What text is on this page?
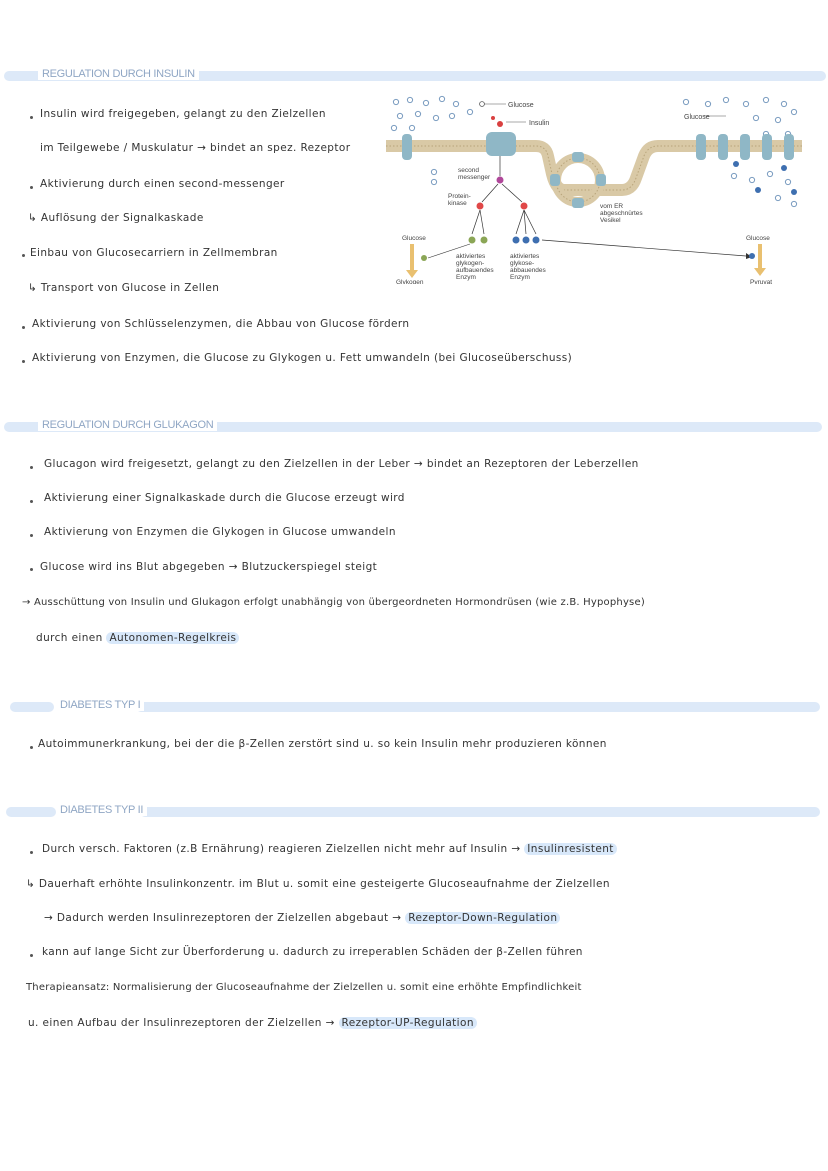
REGULATION DURCH INSULIN
Insulin wird freigegeben, gelangt zu den Zielzellen
im Teilgewebe / Muskulatur → bindet an spez. Rezeptor
Aktivierung durch einen second-messenger
↳ Auflösung der Signalkaskade
Einbau von Glucosecarriern in Zellmembran
↳ Transport von Glucose in Zellen
Aktivierung von Schlüsselenzymen, die Abbau von Glucose fördern
Aktivierung von Enzymen, die Glucose zu Glykogen u. Fett umwandeln (bei Glucoseüberschuss)
Glucose
Insulin
Glucose
second messenger
Protein-kinase	vom ER abgeschnürtes Vesikel
Glucose
Glykogen
aktiviertes glykogen-aufbauendes Enzym
aktiviertes glykose-abbauendes Enzym
Glucose
Pyruvat
REGULATION DURCH GLUKAGON
Glucagon wird freigesetzt, gelangt zu den Zielzellen in der Leber → bindet an Rezeptoren der Leberzellen
Aktivierung einer Signalkaskade durch die Glucose erzeugt wird
Aktivierung von Enzymen die Glykogen in Glucose umwandeln
Glucose wird ins Blut abgegeben → Blutzuckerspiegel steigt
→ Ausschüttung von Insulin und Glukagon erfolgt unabhängig von übergeordneten Hormondrüsen (wie z.B. Hypophyse)
durch einen Autonomen-Regelkreis
DIABETES TYP I
Autoimmunerkrankung, bei der die β-Zellen zerstört sind u. so kein Insulin mehr produzieren können
DIABETES TYP II
Durch versch. Faktoren (z.B Ernährung) reagieren Zielzellen nicht mehr auf Insulin → Insulinresistent
↳ Dauerhaft erhöhte Insulinkonzentr. im Blut u. somit eine gesteigerte Glucoseaufnahme der Zielzellen
→ Dadurch werden Insulinrezeptoren der Zielzellen abgebaut → Rezeptor-Down-Regulation
kann auf lange Sicht zur Überforderung u. dadurch zu irreperablen Schäden der β-Zellen führen
Therapieansatz: Normalisierung der Glucoseaufnahme der Zielzellen u. somit eine erhöhte Empfindlichkeit
u. einen Aufbau der Insulinrezeptoren der Zielzellen → Rezeptor-UP-Regulation
